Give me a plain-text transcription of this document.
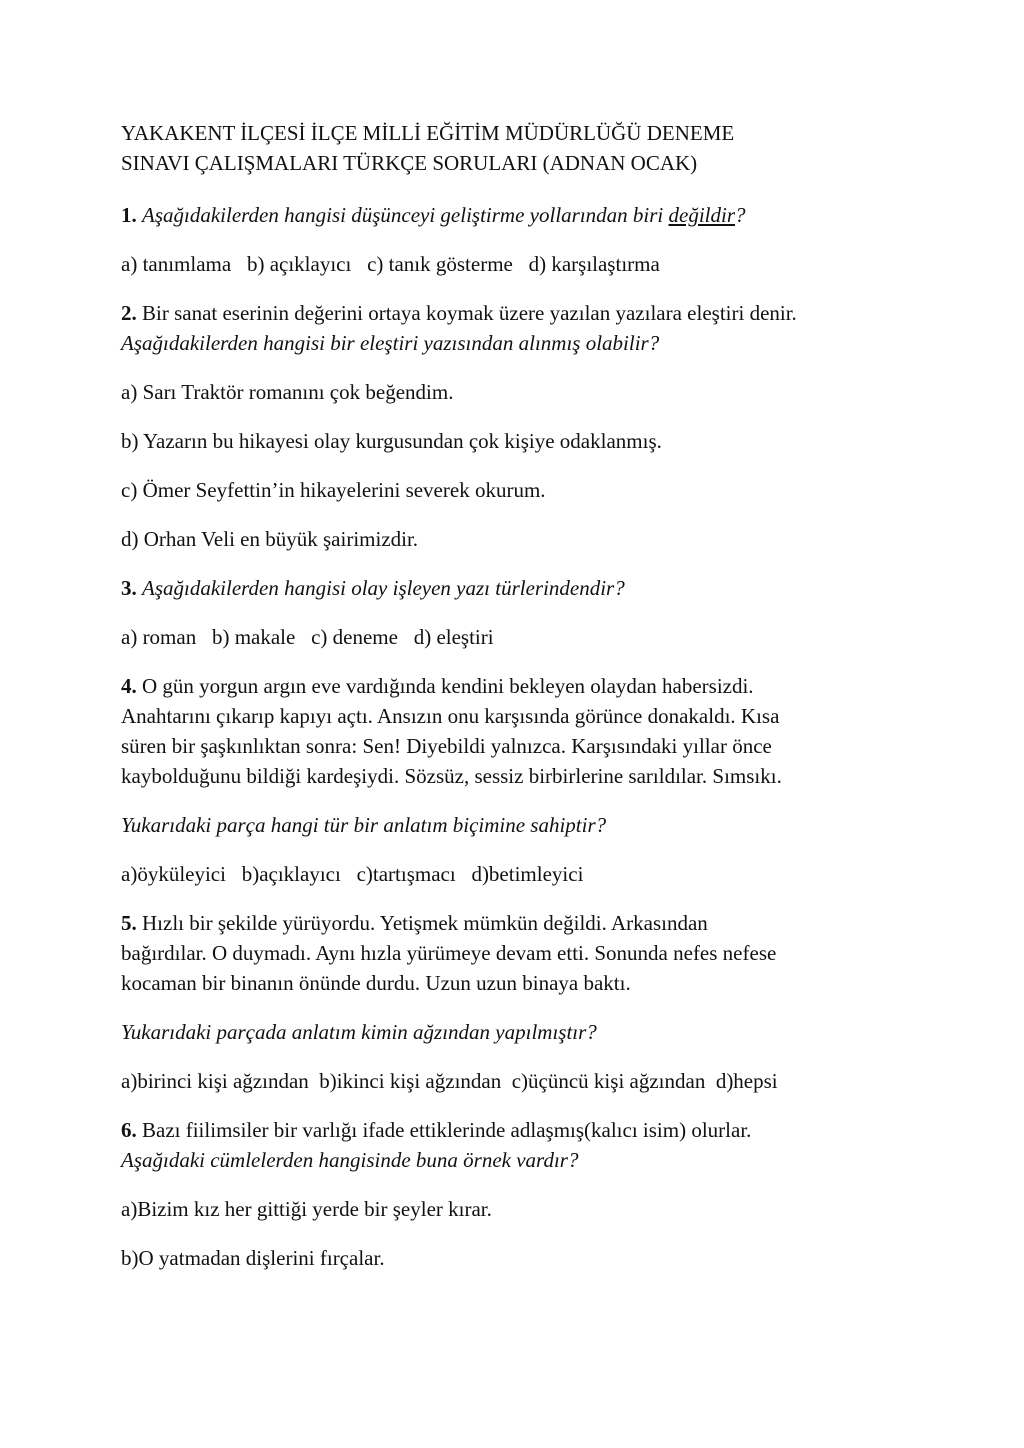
YAKAKENT İLÇESİ İLÇE MİLLİ EĞİTİM MÜDÜRLÜĞÜ DENEME
SINAVI ÇALIŞMALARI TÜRKÇE SORULARI (ADNAN OCAK)

1. Aşağıdakilerden hangisi düşünceyi geliştirme yollarından biri değildir?

a) tanımlama   b) açıklayıcı   c) tanık gösterme   d) karşılaştırma

2. Bir sanat eserinin değerini ortaya koymak üzere yazılan yazılara eleştiri denir.

Aşağıdakilerden hangisi bir eleştiri yazısından alınmış olabilir?

a) Sarı Traktör romanını çok beğendim.

b) Yazarın bu hikayesi olay kurgusundan çok kişiye odaklanmış.

c) Ömer Seyfettin’in hikayelerini severek okurum.

d) Orhan Veli en büyük şairimizdir.

3. Aşağıdakilerden hangisi olay işleyen yazı türlerindendir?

a) roman   b) makale   c) deneme   d) eleştiri

4. O gün yorgun argın eve vardığında kendini bekleyen olaydan habersizdi.

Anahtarını çıkarıp kapıyı açtı. Ansızın onu karşısında görünce donakaldı. Kısa

süren bir şaşkınlıktan sonra: Sen! Diyebildi yalnızca. Karşısındaki yıllar önce

kaybolduğunu bildiği kardeşiydi. Sözsüz, sessiz birbirlerine sarıldılar. Sımsıkı.

Yukarıdaki parça hangi tür bir anlatım biçimine sahiptir?

a)öyküleyici   b)açıklayıcı   c)tartışmacı   d)betimleyici

5. Hızlı bir şekilde yürüyordu. Yetişmek mümkün değildi. Arkasından

bağırdılar. O duymadı. Aynı hızla yürümeye devam etti. Sonunda nefes nefese

kocaman bir binanın önünde durdu. Uzun uzun binaya baktı.

Yukarıdaki parçada anlatım kimin ağzından yapılmıştır?

a)birinci kişi ağzından  b)ikinci kişi ağzından  c)üçüncü kişi ağzından  d)hepsi

6. Bazı fiilimsiler bir varlığı ifade ettiklerinde adlaşmış(kalıcı isim) olurlar.

Aşağıdaki cümlelerden hangisinde buna örnek vardır?

a)Bizim kız her gittiği yerde bir şeyler kırar.

b)O yatmadan dişlerini fırçalar.
